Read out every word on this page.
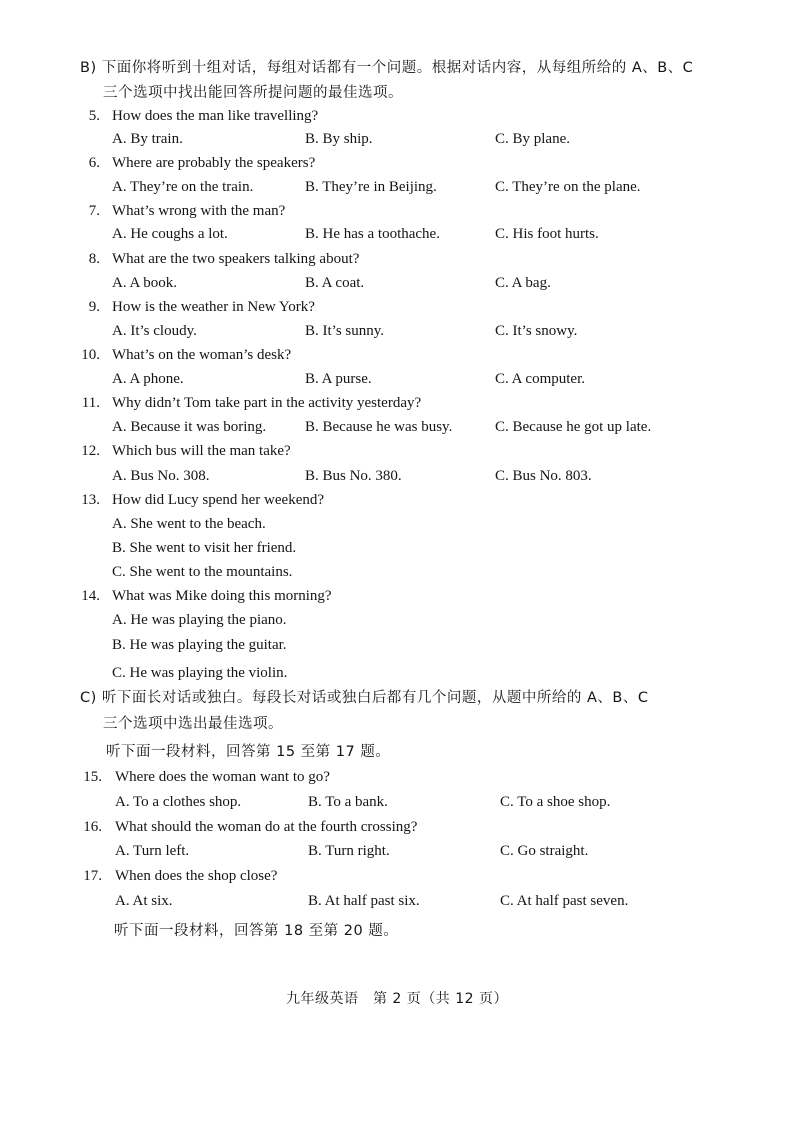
B) 下面你将听到十组对话，每组对话都有一个问题。根据对话内容，从每组所给的 A、B、C
三个选项中找出能回答所提问题的最佳选项。
5. How does the man like travelling?
A. By train.	B. By ship.	C. By plane.
6. Where are probably the speakers?
A. They’re on the train.	B. They’re in Beijing.	C. They’re on the plane.
7. What’s wrong with the man?
A. He coughs a lot.	B. He has a toothache.	C. His foot hurts.
8. What are the two speakers talking about?
A. A book.	B. A coat.	C. A bag.
9. How is the weather in New York?
A. It’s cloudy.	B. It’s sunny.	C. It’s snowy.
10. What’s on the woman’s desk?
A. A phone.	B. A purse.	C. A computer.
11. Why didn’t Tom take part in the activity yesterday?
A. Because it was boring.	B. Because he was busy.	C. Because he got up late.
12. Which bus will the man take?
A. Bus No. 308.	B. Bus No. 380.	C. Bus No. 803.
13. How did Lucy spend her weekend?
A. She went to the beach.
B. She went to visit her friend.
C. She went to the mountains.
14. What was Mike doing this morning?
A. He was playing the piano.
B. He was playing the guitar.
C. He was playing the violin.
C) 听下面长对话或独白。每段长对话或独白后都有几个问题，从题中所给的 A、B、C
三个选项中选出最佳选项。
听下面一段材料，回答第 15 至第 17 题。
15. Where does the woman want to go?
A. To a clothes shop.	B. To a bank.	C. To a shoe shop.
16. What should the woman do at the fourth crossing?
A. Turn left.	B. Turn right.	C. Go straight.
17. When does the shop close?
A. At six.	B. At half past six.	C. At half past seven.
听下面一段材料，回答第 18 至第 20 题。
九年级英语　第 2 页（共 12 页）
